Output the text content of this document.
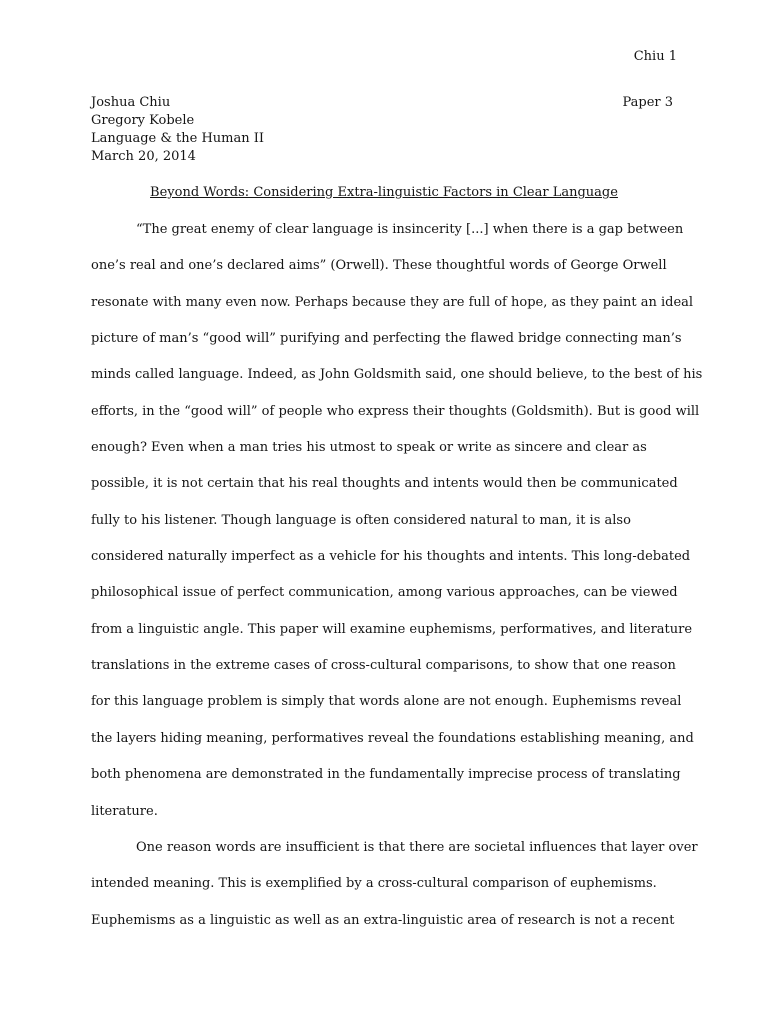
Chiu 1
Joshua Chiu	Paper 3
Gregory Kobele
Language & the Human II
March 20, 2014
Beyond Words: Considering Extra-linguistic Factors in Clear Language
“The great enemy of clear language is insincerity [...] when there is a gap between
one’s real and one’s declared aims” (Orwell). These thoughtful words of George Orwell
resonate with many even now. Perhaps because they are full of hope, as they paint an ideal
picture of man’s “good will” purifying and perfecting the flawed bridge connecting man’s
minds called language. Indeed, as John Goldsmith said, one should believe, to the best of his
efforts, in the “good will” of people who express their thoughts (Goldsmith). But is good will
enough? Even when a man tries his utmost to speak or write as sincere and clear as
possible, it is not certain that his real thoughts and intents would then be communicated
fully to his listener. Though language is often considered natural to man, it is also
considered naturally imperfect as a vehicle for his thoughts and intents. This long-debated
philosophical issue of perfect communication, among various approaches, can be viewed
from a linguistic angle. This paper will examine euphemisms, performatives, and literature
translations in the extreme cases of cross-cultural comparisons, to show that one reason
for this language problem is simply that words alone are not enough. Euphemisms reveal
the layers hiding meaning, performatives reveal the foundations establishing meaning, and
both phenomena are demonstrated in the fundamentally imprecise process of translating
literature.
One reason words are insufficient is that there are societal influences that layer over
intended meaning. This is exemplified by a cross-cultural comparison of euphemisms.
Euphemisms as a linguistic as well as an extra-linguistic area of research is not a recent
